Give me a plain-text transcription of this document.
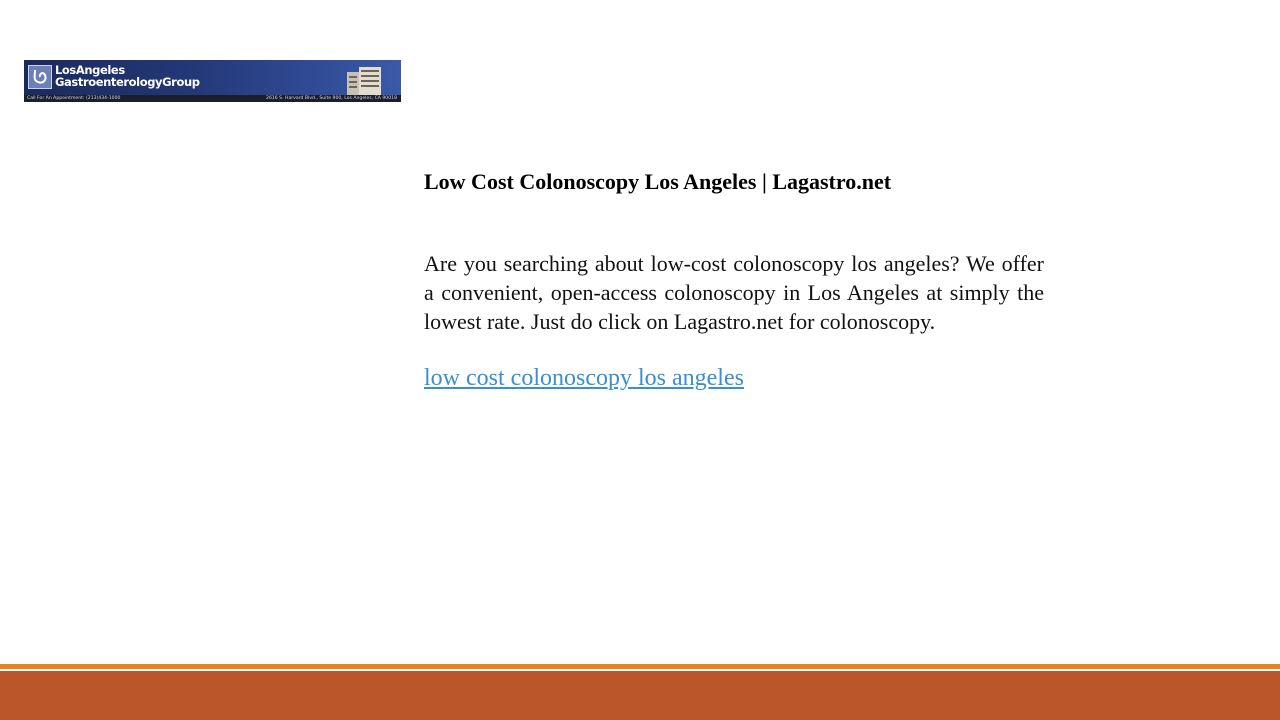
LosAngeles
GastroenterologyGroup
Call For An Appointment: (213)434-1000	2616 S. Harvard Blvd., Suite 900, Los Angeles, CA 90018
Low Cost Colonoscopy Los Angeles | Lagastro.net

Are you searching about low-cost colonoscopy los angeles? We offer a convenient, open-access colonoscopy in Los Angeles at simply the lowest rate. Just do click on Lagastro.net for colonoscopy.

low cost colonoscopy los angeles
